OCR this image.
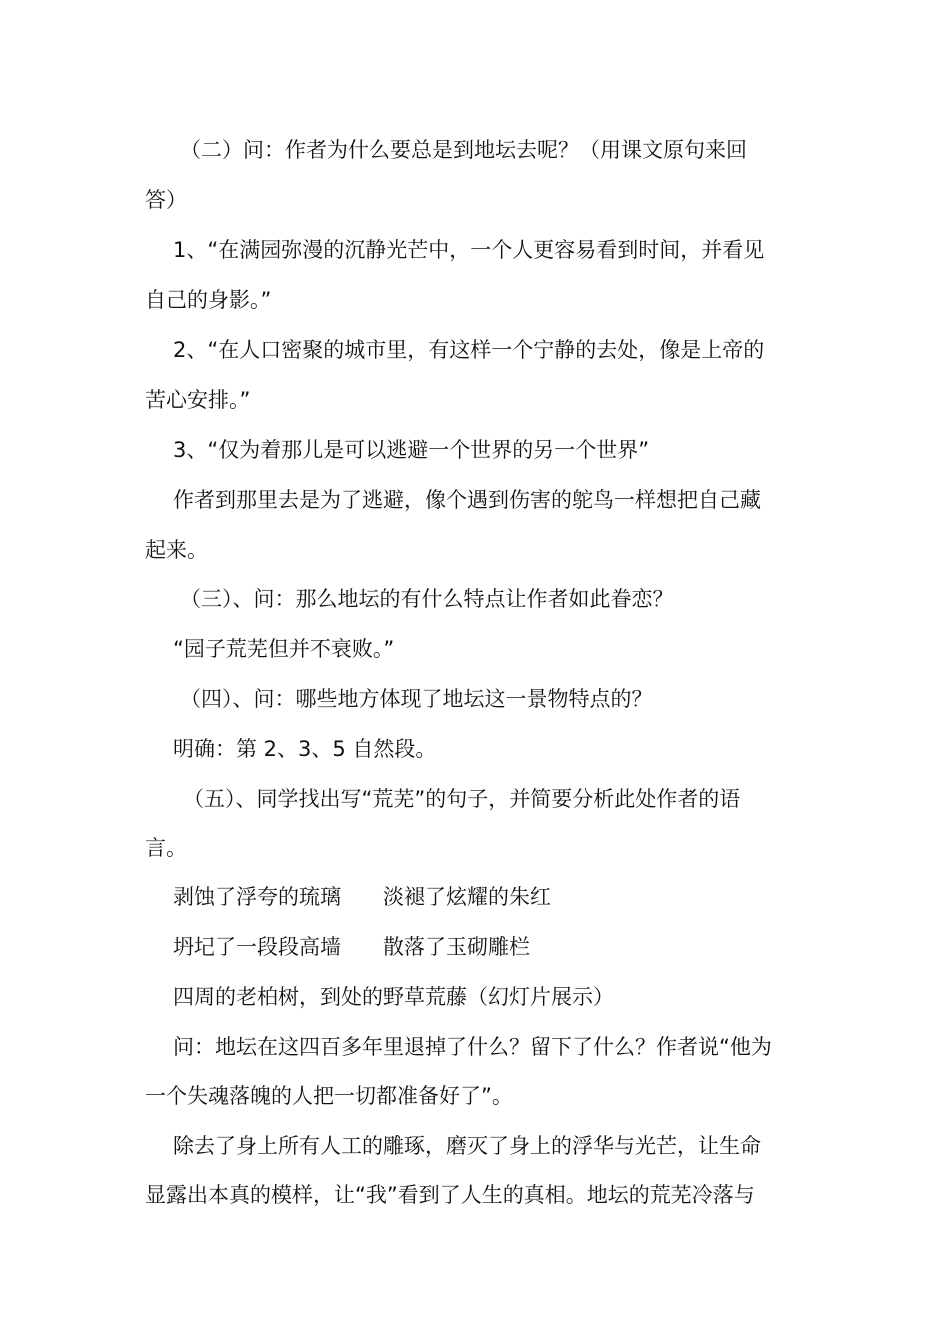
（二）问：作者为什么要总是到地坛去呢？（用课文原句来回
答）
1、“在满园弥漫的沉静光芒中，一个人更容易看到时间，并看见
自己的身影。”
2、“在人口密聚的城市里，有这样一个宁静的去处，像是上帝的
苦心安排。”
3、“仅为着那儿是可以逃避一个世界的另一个世界”
作者到那里去是为了逃避，像个遇到伤害的鸵鸟一样想把自己藏
起来。
（三）、问：那么地坛的有什么特点让作者如此眷恋？
“园子荒芜但并不衰败。”
（四）、问：哪些地方体现了地坛这一景物特点的？
明确：第 2、3、5 自然段。
（五）、同学找出写“荒芜”的句子，并简要分析此处作者的语
言。
剥蚀了浮夸的琉璃 淡褪了炫耀的朱红
坍圮了一段段高墙 散落了玉砌雕栏
四周的老柏树，到处的野草荒藤（幻灯片展示）
问：地坛在这四百多年里退掉了什么？留下了什么？作者说“他为
一个失魂落魄的人把一切都准备好了”。
除去了身上所有人工的雕琢，磨灭了身上的浮华与光芒，让生命
显露出本真的模样，让“我”看到了人生的真相。地坛的荒芜冷落与
